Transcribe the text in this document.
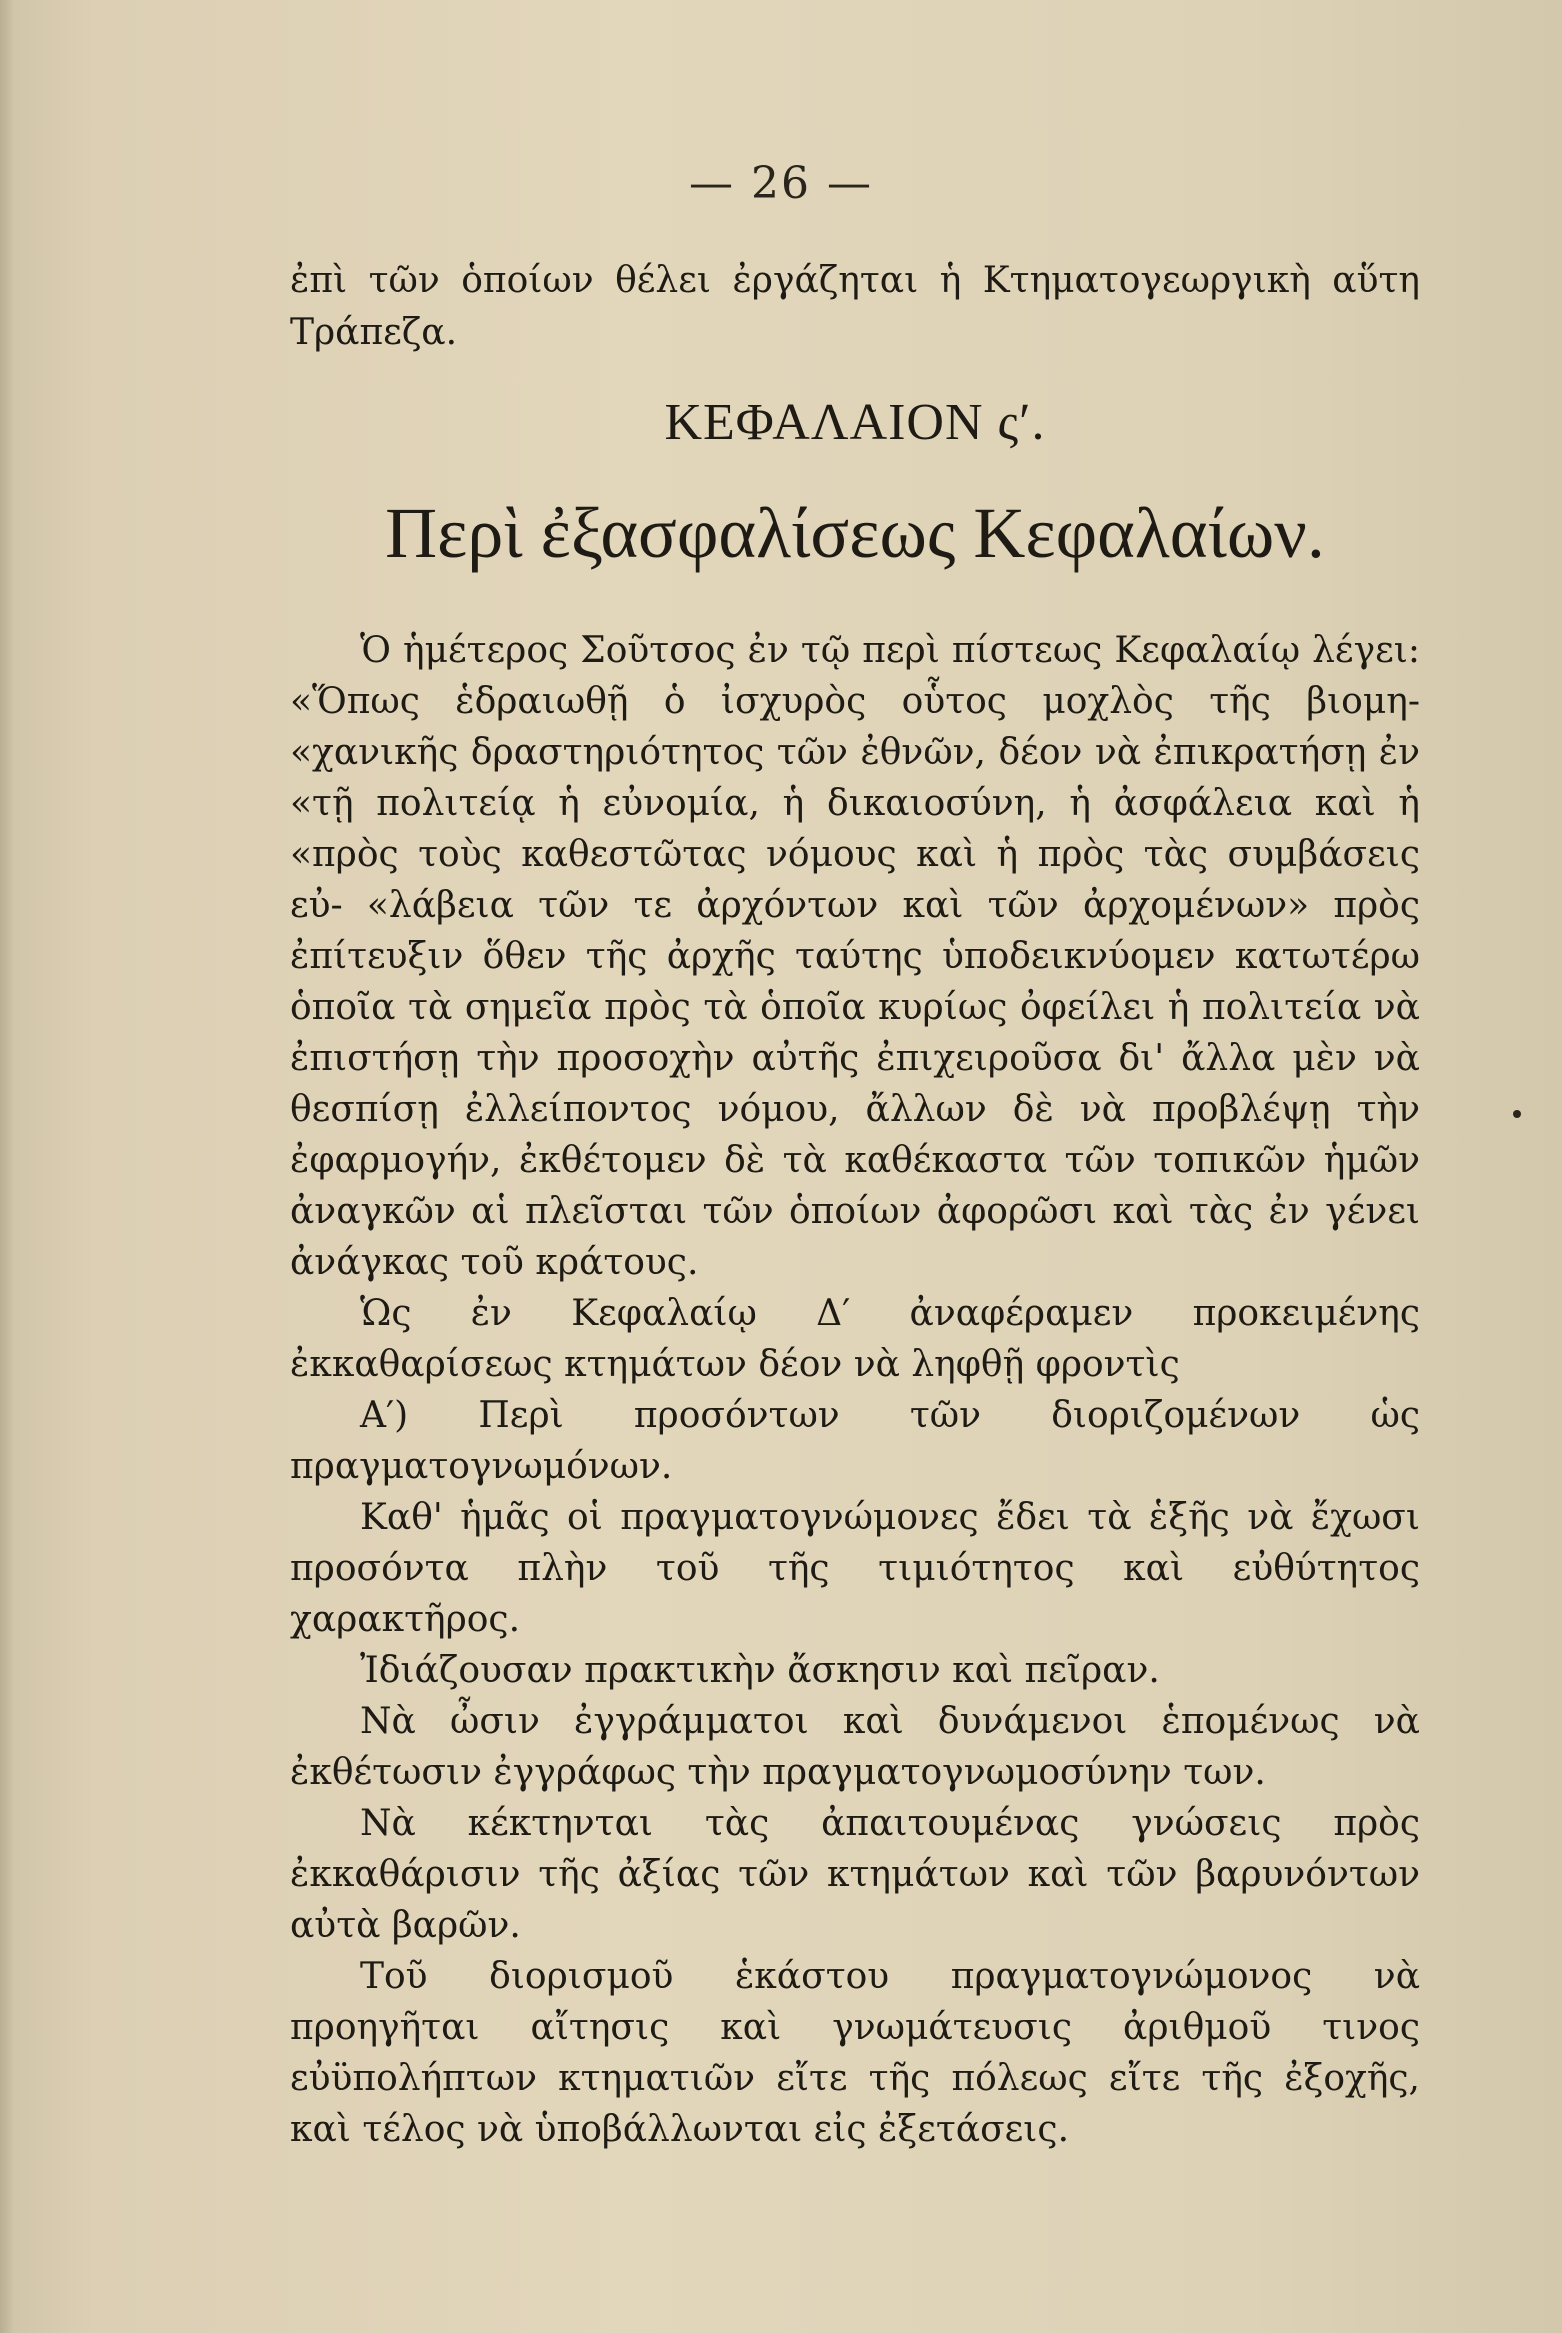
— 26 —

ἐπὶ τῶν ὁποίων θέλει ἐργάζηται ἡ Κτηματογεωργικὴ αὕτη Τράπεζα.

ΚΕΦΑΛΑΙΟΝ ς′.
Περὶ ἐξασφαλίσεως Κεφαλαίων.

Ὁ ἡμέτερος Σοῦτσος ἐν τῷ περὶ πίστεως Κεφαλαίῳ λέγει: «Ὅπως ἑδραιωθῇ ὁ ἰσχυρὸς οὗτος μοχλὸς τῆς βιομη- «χανικῆς δραστηριότητος τῶν ἐθνῶν, δέον νὰ ἐπικρατήσῃ ἐν «τῇ πολιτείᾳ ἡ εὐνομία, ἡ δικαιοσύνη, ἡ ἀσφάλεια καὶ ἡ «πρὸς τοὺς καθεστῶτας νόμους καὶ ἡ πρὸς τὰς συμβάσεις εὐ- «λάβεια τῶν τε ἀρχόντων καὶ τῶν ἀρχομένων» πρὸς ἐπίτευξιν ὅθεν τῆς ἀρχῆς ταύτης ὑποδεικνύομεν κατωτέρω ὁποῖα τὰ σημεῖα πρὸς τὰ ὁποῖα κυρίως ὀφείλει ἡ πολιτεία νὰ ἐπιστήσῃ τὴν προσοχὴν αὐτῆς ἐπιχειροῦσα δι' ἄλλα μὲν νὰ θεσπίσῃ ἐλλείποντος νόμου, ἄλλων δὲ νὰ προβλέψῃ τὴν ἐφαρμογήν, ἐκθέτομεν δὲ τὰ καθέκαστα τῶν τοπικῶν ἡμῶν ἀναγκῶν αἱ πλεῖσται τῶν ὁποίων ἀφορῶσι καὶ τὰς ἐν γένει ἀνάγκας τοῦ κράτους.

Ὡς ἐν Κεφαλαίῳ Δ′ ἀναφέραμεν προκειμένης ἐκκαθαρίσεως κτημάτων δέον νὰ ληφθῇ φροντὶς

Α′) Περὶ προσόντων τῶν διοριζομένων ὡς πραγματογνωμόνων.

Καθ' ἡμᾶς οἱ πραγματογνώμονες ἔδει τὰ ἑξῆς νὰ ἔχωσι προσόντα πλὴν τοῦ τῆς τιμιότητος καὶ εὐθύτητος χαρακτῆρος.

Ἰδιάζουσαν πρακτικὴν ἄσκησιν καὶ πεῖραν.

Νὰ ὦσιν ἐγγράμματοι καὶ δυνάμενοι ἑπομένως νὰ ἐκθέτωσιν ἐγγράφως τὴν πραγματογνωμοσύνην των.

Νὰ κέκτηνται τὰς ἀπαιτουμένας γνώσεις πρὸς ἐκκαθάρισιν τῆς ἀξίας τῶν κτημάτων καὶ τῶν βαρυνόντων αὐτὰ βαρῶν.

Τοῦ διορισμοῦ ἑκάστου πραγματογνώμονος νὰ προηγῆται αἴτησις καὶ γνωμάτευσις ἀριθμοῦ τινος εὐϋπολήπτων κτηματιῶν εἴτε τῆς πόλεως εἴτε τῆς ἐξοχῆς, καὶ τέλος νὰ ὑποβάλλωνται εἰς ἐξετάσεις.
